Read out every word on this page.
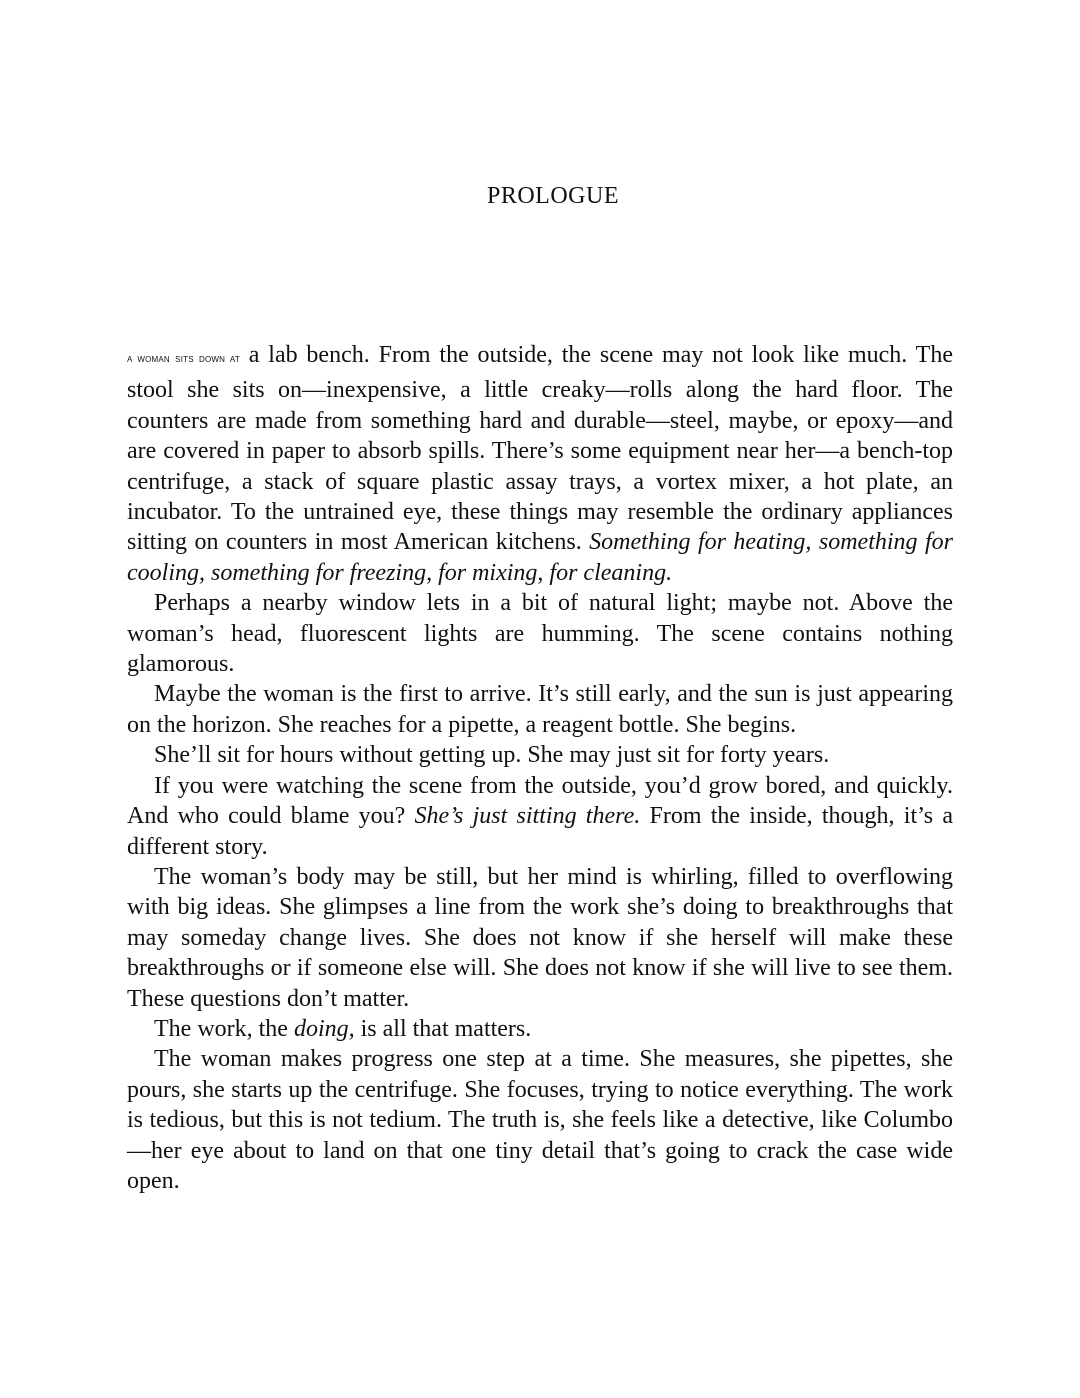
PROLOGUE

A WOMAN SITS DOWN AT a lab bench. From the outside, the scene may not look like much. The stool she sits on—inexpensive, a little creaky—rolls along the hard floor. The counters are made from something hard and durable—steel, maybe, or epoxy—and are covered in paper to absorb spills. There’s some equipment near her—a bench-top centrifuge, a stack of square plastic assay trays, a vortex mixer, a hot plate, an incubator. To the untrained eye, these things may resemble the ordinary appliances sitting on counters in most American kitchens. Something for heating, something for cooling, something for freezing, for mixing, for cleaning.

Perhaps a nearby window lets in a bit of natural light; maybe not. Above the woman’s head, fluorescent lights are humming. The scene contains nothing glamorous.

Maybe the woman is the first to arrive. It’s still early, and the sun is just appearing on the horizon. She reaches for a pipette, a reagent bottle. She begins.

She’ll sit for hours without getting up. She may just sit for forty years.

If you were watching the scene from the outside, you’d grow bored, and quickly. And who could blame you? She’s just sitting there. From the inside, though, it’s a different story.

The woman’s body may be still, but her mind is whirling, filled to overflowing with big ideas. She glimpses a line from the work she’s doing to breakthroughs that may someday change lives. She does not know if she herself will make these breakthroughs or if someone else will. She does not know if she will live to see them. These questions don’t matter.

The work, the doing, is all that matters.

The woman makes progress one step at a time. She measures, she pipettes, she pours, she starts up the centrifuge. She focuses, trying to notice everything. The work is tedious, but this is not tedium. The truth is, she feels like a detective, like Columbo—her eye about to land on that one tiny detail that’s going to crack the case wide open.
